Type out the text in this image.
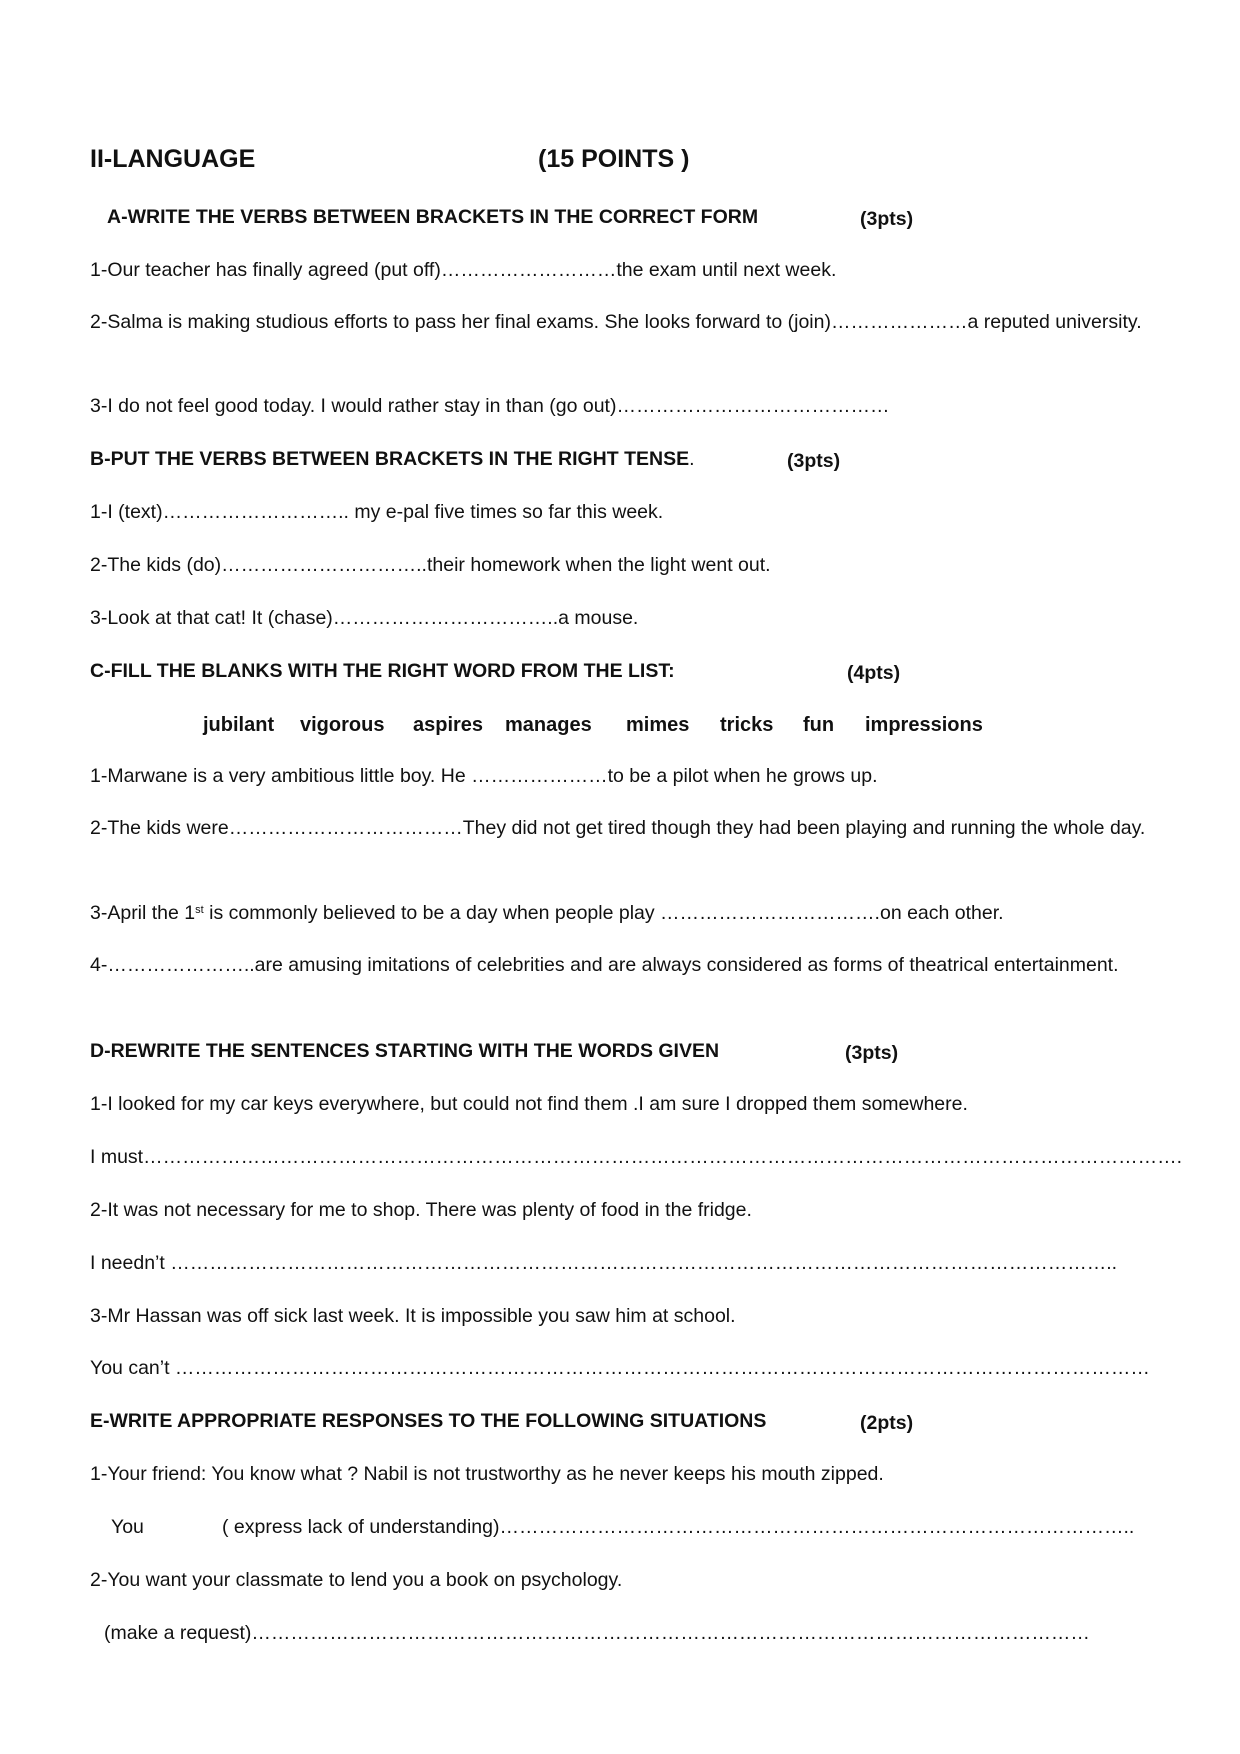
II-LANGUAGE	(15 POINTS )
A-WRITE THE VERBS BETWEEN BRACKETS IN THE CORRECT FORM	(3pts)
1-Our teacher has finally agreed (put off)………………………the exam until next week.
2-Salma is making studious efforts to pass her final exams. She looks forward to (join)…………………a reputed university.
3-I do not feel good today. I would rather stay in than (go out)……………………………………
B-PUT THE VERBS BETWEEN BRACKETS IN THE RIGHT TENSE.	(3pts)
1-I (text)……………………….. my e-pal five times so far this week.
2-The kids (do)…………………………..their homework when the light went out.
3-Look at that cat! It (chase)……………………………..a mouse.
C-FILL THE BLANKS WITH THE RIGHT WORD FROM THE LIST:	(4pts)
jubilant vigorous aspires manages mimes tricks fun impressions
1-Marwane is a very ambitious little boy. He …………………to be a pilot when he grows up.
2-The kids were………………………………They did not get tired though they had been playing and running the whole day.
3-April the 1st is commonly believed to be a day when people play …………………………….on each other.
4-…………………..are amusing imitations of celebrities and are always considered as forms of theatrical entertainment.
D-REWRITE THE SENTENCES STARTING WITH THE WORDS GIVEN	(3pts)
1-I looked for my car keys everywhere, but could not find them .I am sure I dropped them somewhere.
I must…………………………………………………………………………………………………………………………………………….
2-It was not necessary for me to shop. There was plenty of food in the fridge.
I needn’t ………………………………………………………………………………………………………………………………..
3-Mr Hassan was off sick last week. It is impossible you saw him at school.
You can’t ……………………………………………………………………………………………………………………………………
E-WRITE APPROPRIATE RESPONSES TO THE FOLLOWING SITUATIONS	(2pts)
1-Your friend: You know what ? Nabil is not trustworthy as he never keeps his mouth zipped.
You	( express lack of understanding)……………………………………………………………………………………..
2-You want your classmate to lend you a book on psychology.
(make a request)…………………………………………………………………………………………………………………
